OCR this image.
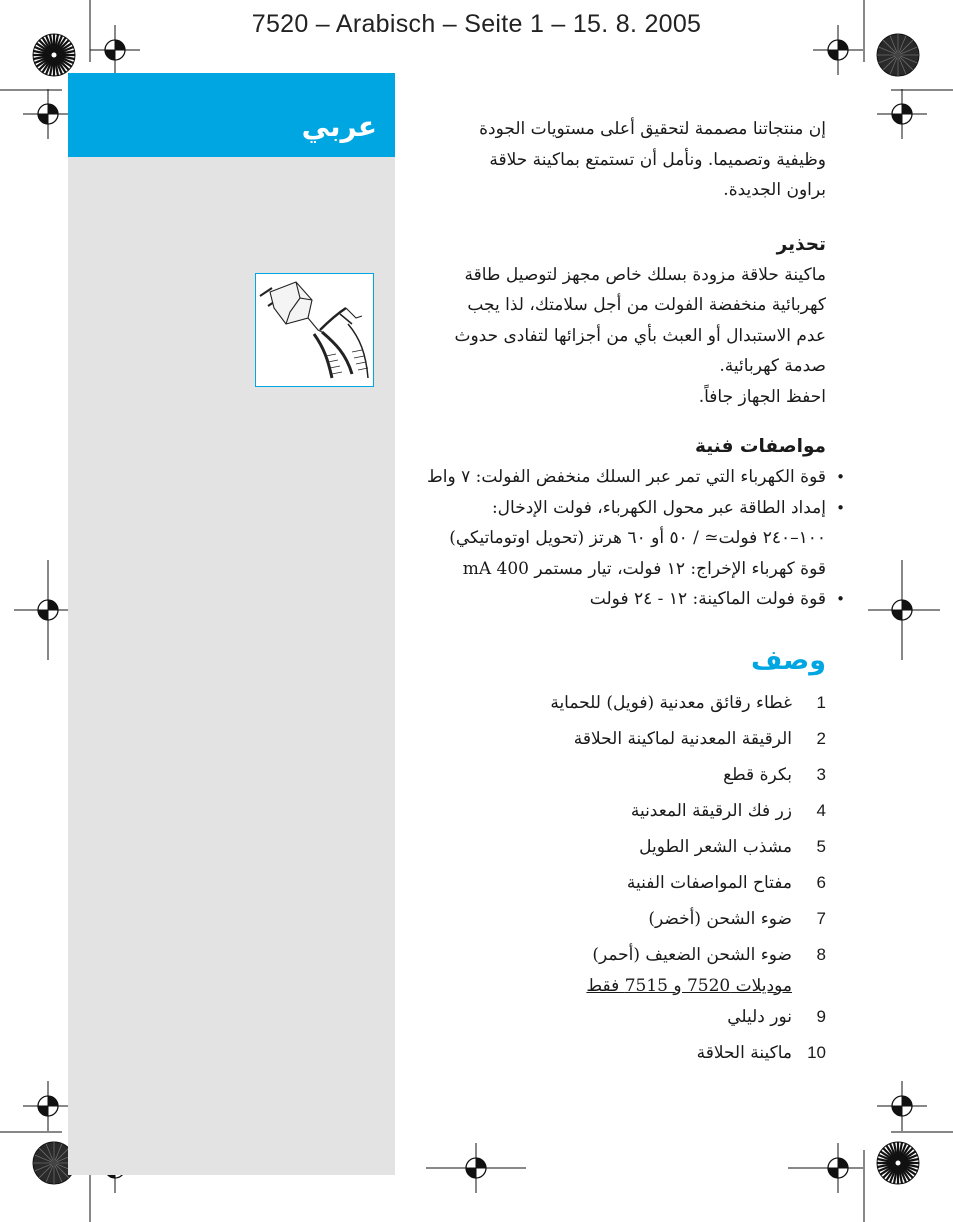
7520 – Arabisch – Seite 1 – 15. 8. 2005
عربي	إن منتجاتنا مصممة لتحقيق أعلى مستويات الجودة
وظيفية وتصميما. ونأمل أن تستمتع بماكينة حلاقة
براون الجديدة.
تحذير
ماكينة حلاقة مزودة بسلك خاص مجهز لتوصيل طاقة
كهربائية منخفضة الفولت من أجل سلامتك، لذا يجب
عدم الاستبدال أو العبث بأي من أجزائها لتفادى حدوث
صدمة كهربائية.
احفظ الجهاز جافاً.
مواصفات فنية
قوة الكهرباء التي تمر عبر السلك منخفض الفولت: ٧ واط •
إمداد الطاقة عبر محول الكهرباء، فولت الإدخال: •
١٠٠–٢٤٠ فولت≃ / ٥٠ أو ٦٠ هرتز (تحويل اوتوماتيكي)
قوة كهرباء الإخراج: ١٢ فولت، تيار مستمر 400 mA
قوة فولت الماكينة: ١٢ - ٢٤ فولت •
وصف
1غطاء رقائق معدنية (فويل) للحماية
2الرقيقة المعدنية لماكينة الحلاقة
3بكرة قطع
4زر فك الرقيقة المعدنية
5مشذب الشعر الطويل
6مفتاح المواصفات الفنية
7ضوء الشحن (أخضر)
8ضوء الشحن الضعيف (أحمر)
موديلات 7520 و 7515 فقط
9نور دليلي
10ماكينة الحلاقة
